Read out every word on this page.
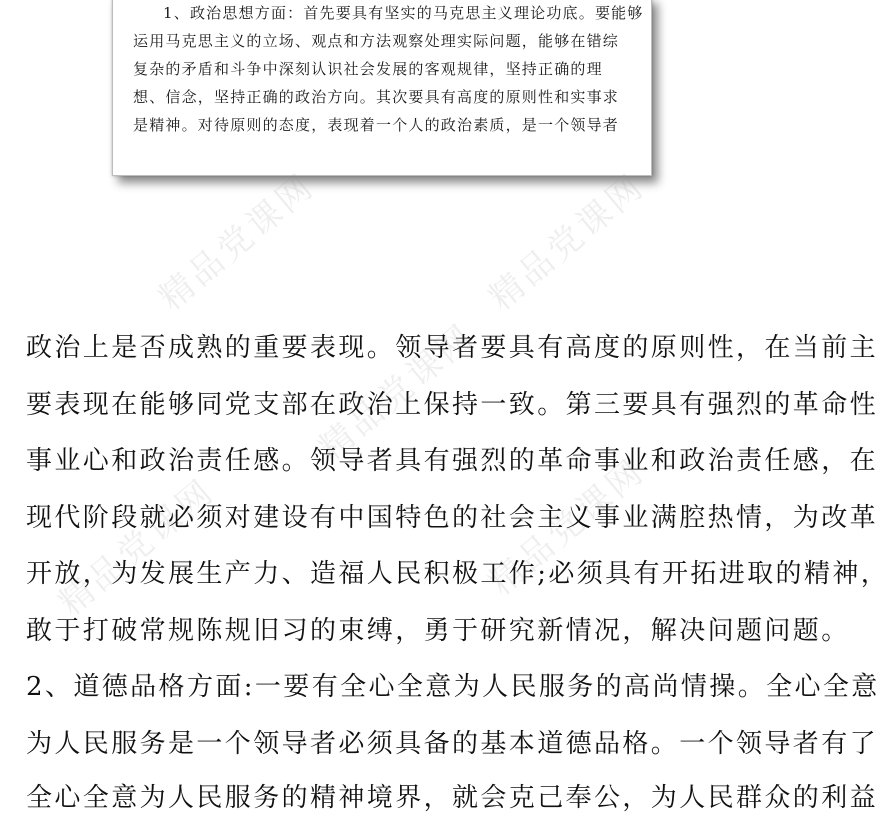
1、政治思想方面：首先要具有坚实的马克思主义理论功底。要能够
运用马克思主义的立场、观点和方法观察处理实际问题，能够在错综
复杂的矛盾和斗争中深刻认识社会发展的客观规律，坚持正确的理
想、信念，坚持正确的政治方向。其次要具有高度的原则性和实事求
是精神。对待原则的态度，表现着一个人的政治素质，是一个领导者
精品党课网	精品党课网
精品党课网
精品党课网	精品党课网
政治上是否成熟的重要表现。领导者要具有高度的原则性，在当前主
要表现在能够同党支部在政治上保持一致。第三要具有强烈的革命性
事业心和政治责任感。领导者具有强烈的革命事业和政治责任感，在
现代阶段就必须对建设有中国特色的社会主义事业满腔热情，为改革
开放，为发展生产力、造福人民积极工作;必须具有开拓进取的精神，
敢于打破常规陈规旧习的束缚，勇于研究新情况，解决问题问题。
2、道德品格方面:一要有全心全意为人民服务的高尚情操。全心全意
为人民服务是一个领导者必须具备的基本道德品格。一个领导者有了
全心全意为人民服务的精神境界，就会克己奉公，为人民群众的利益
